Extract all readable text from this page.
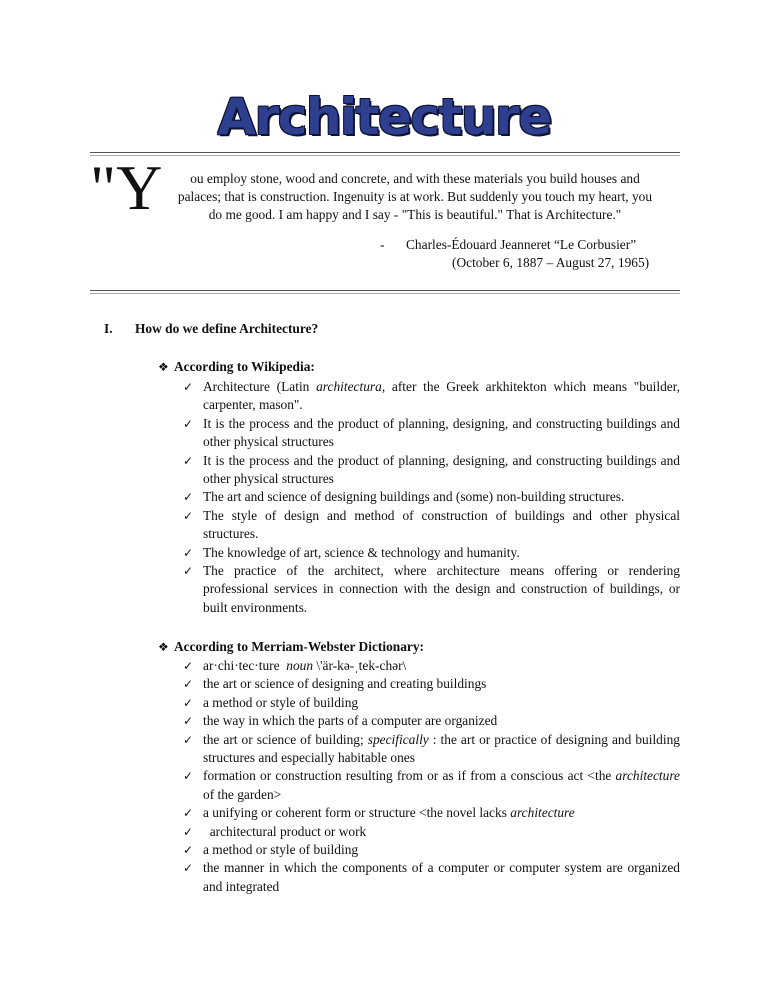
Architecture
"Y	ou employ stone, wood and concrete, and with these materials you build houses and
palaces; that is construction. Ingenuity is at work. But suddenly you touch my heart, you
do me good. I am happy and I say - "This is beautiful." That is Architecture."
- Charles-Édouard Jeanneret “Le Corbusier”
(October 6, 1887 – August 27, 1965)
I. How do we define Architecture?
❖ According to Wikipedia:
✓ Architecture (Latin architectura, after the Greek arkhitekton which means "builder, carpenter, mason".
✓ It is the process and the product of planning, designing, and constructing buildings and other physical structures
✓ It is the process and the product of planning, designing, and constructing buildings and other physical structures
✓ The art and science of designing buildings and (some) non-building structures.
✓ The style of design and method of construction of buildings and other physical structures.
✓ The knowledge of art, science & technology and humanity.
✓ The practice of the architect, where architecture means offering or rendering professional services in connection with the design and construction of buildings, or built environments.
❖ According to Merriam-Webster Dictionary:
✓ ar·chi·tec·ture  noun \'är-kə-ˌtek-chər\
✓ the art or science of designing and creating buildings
✓ a method or style of building
✓ the way in which the parts of a computer are organized
✓ the art or science of building; specifically : the art or practice of designing and building structures and especially habitable ones
✓ formation or construction resulting from or as if from a conscious act <the architecture of the garden>
✓ a unifying or coherent form or structure <the novel lacks architecture
✓ architectural product or work
✓ a method or style of building
✓ the manner in which the components of a computer or computer system are organized and integrated
